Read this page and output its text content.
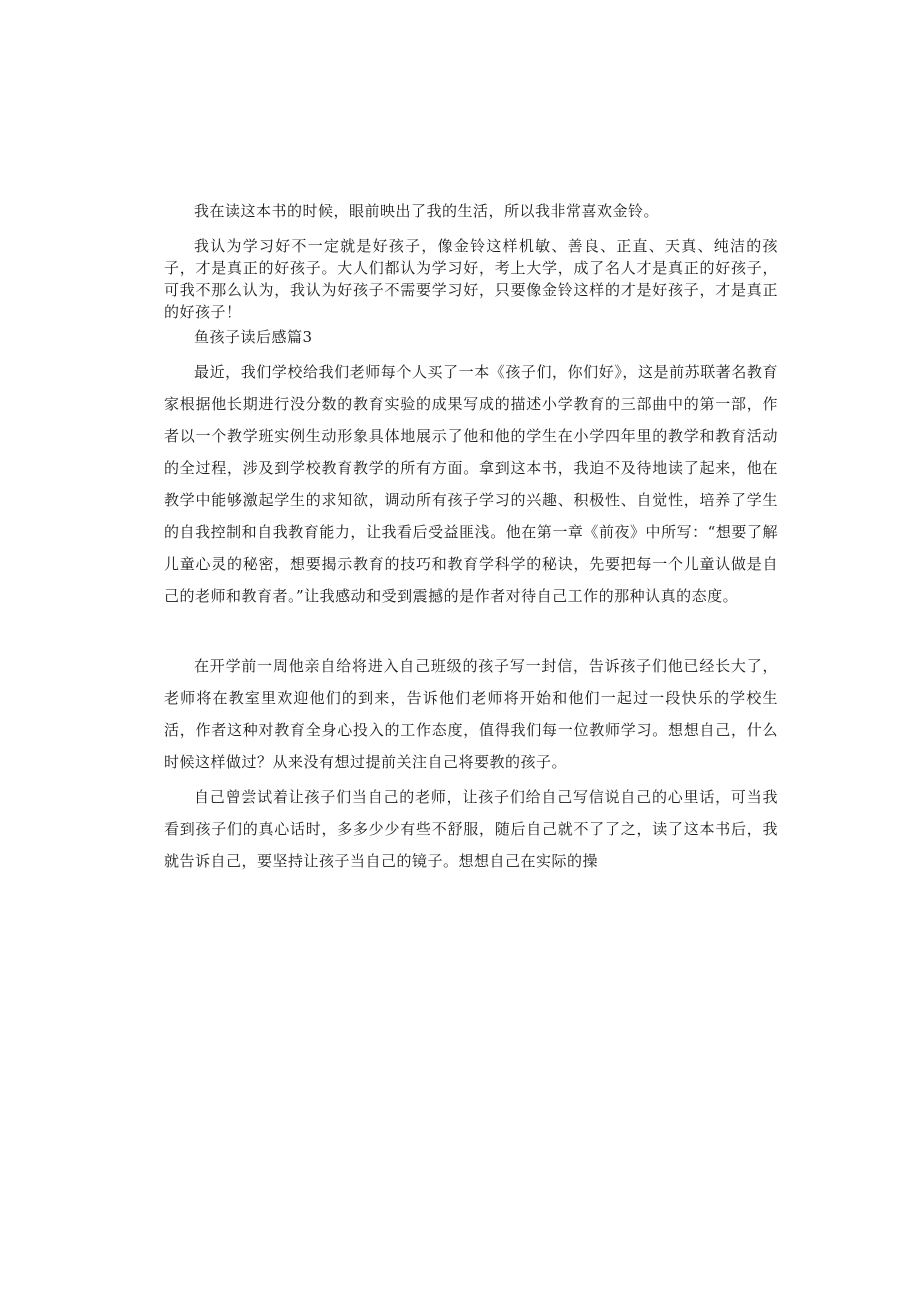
我在读这本书的时候，眼前映出了我的生活，所以我非常喜欢金铃。

我认为学习好不一定就是好孩子，像金铃这样机敏、善良、正直、天真、纯洁的孩子，才是真正的好孩子。大人们都认为学习好，考上大学，成了名人才是真正的好孩子，可我不那么认为，我认为好孩子不需要学习好，只要像金铃这样的才是好孩子，才是真正的好孩子！

鱼孩子读后感篇3

最近，我们学校给我们老师每个人买了一本《孩子们，你们好》，这是前苏联著名教育家根据他长期进行没分数的教育实验的成果写成的描述小学教育的三部曲中的第一部，作者以一个教学班实例生动形象具体地展示了他和他的学生在小学四年里的教学和教育活动的全过程，涉及到学校教育教学的所有方面。拿到这本书，我迫不及待地读了起来，他在教学中能够激起学生的求知欲，调动所有孩子学习的兴趣、积极性、自觉性，培养了学生的自我控制和自我教育能力，让我看后受益匪浅。他在第一章《前夜》中所写：“想要了解儿童心灵的秘密，想要揭示教育的技巧和教育学科学的秘诀，先要把每一个儿童认做是自己的老师和教育者。”让我感动和受到震撼的是作者对待自己工作的那种认真的态度。

在开学前一周他亲自给将进入自己班级的孩子写一封信，告诉孩子们他已经长大了，老师将在教室里欢迎他们的到来，告诉他们老师将开始和他们一起过一段快乐的学校生活，作者这种对教育全身心投入的工作态度，值得我们每一位教师学习。想想自己，什么时候这样做过？从来没有想过提前关注自己将要教的孩子。

自己曾尝试着让孩子们当自己的老师，让孩子们给自己写信说自己的心里话，可当我看到孩子们的真心话时，多多少少有些不舒服，随后自己就不了了之，读了这本书后，我就告诉自己，要坚持让孩子当自己的镜子。想想自己在实际的操
